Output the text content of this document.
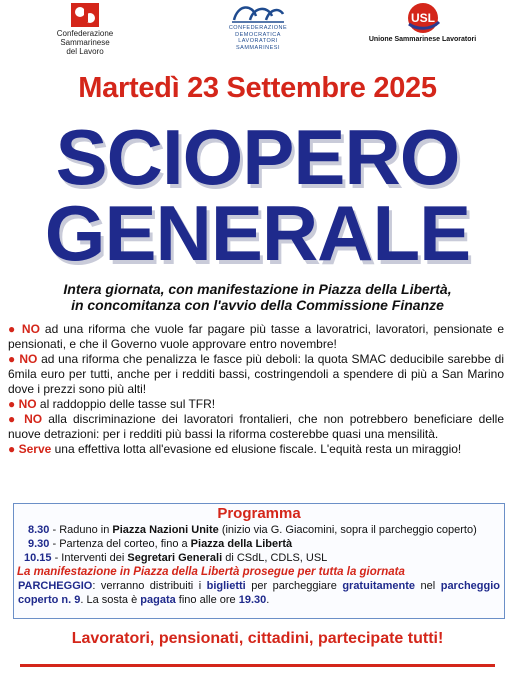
Confederazione
Sammarinese
del Lavoro
CONFEDERAZIONE
DEMOCRATICA
LAVORATORI
SAMMARINESI
USL
Unione Sammarinese Lavoratori
Martedì 23 Settembre 2025
SCIOPERO
GENERALE
Intera giornata, con manifestazione in Piazza della Libertà,
in concomitanza con l'avvio della Commissione Finanze
● NO ad una riforma che vuole far pagare più tasse a lavoratrici, lavoratori, pensionate e pensionati, e che il Governo vuole approvare entro novembre!
● NO ad una riforma che penalizza le fasce più deboli: la quota SMAC deducibile sarebbe di 6mila euro per tutti, anche per i redditi bassi, costringendoli a spendere di più a San Marino dove i prezzi sono più alti!
● NO al raddoppio delle tasse sul TFR!
● NO alla discriminazione dei lavoratori frontalieri, che non potrebbero beneficiare delle nuove detrazioni: per i redditi più bassi la riforma costerebbe quasi una mensilità.
● Serve una effettiva lotta all'evasione ed elusione fiscale. L'equità resta un miraggio!
Programma
8.30 - Raduno in Piazza Nazioni Unite (inizio via G. Giacomini, sopra il parcheggio coperto)
9.30 - Partenza del corteo, fino a Piazza della Libertà
10.15 - Interventi dei Segretari Generali di CSdL, CDLS, USL
La manifestazione in Piazza della Libertà prosegue per tutta la giornata
PARCHEGGIO: verranno distribuiti i biglietti per parcheggiare gratuitamente nel parcheggio coperto n. 9. La sosta è pagata fino alle ore 19.30.
Lavoratori, pensionati, cittadini, partecipate tutti!
